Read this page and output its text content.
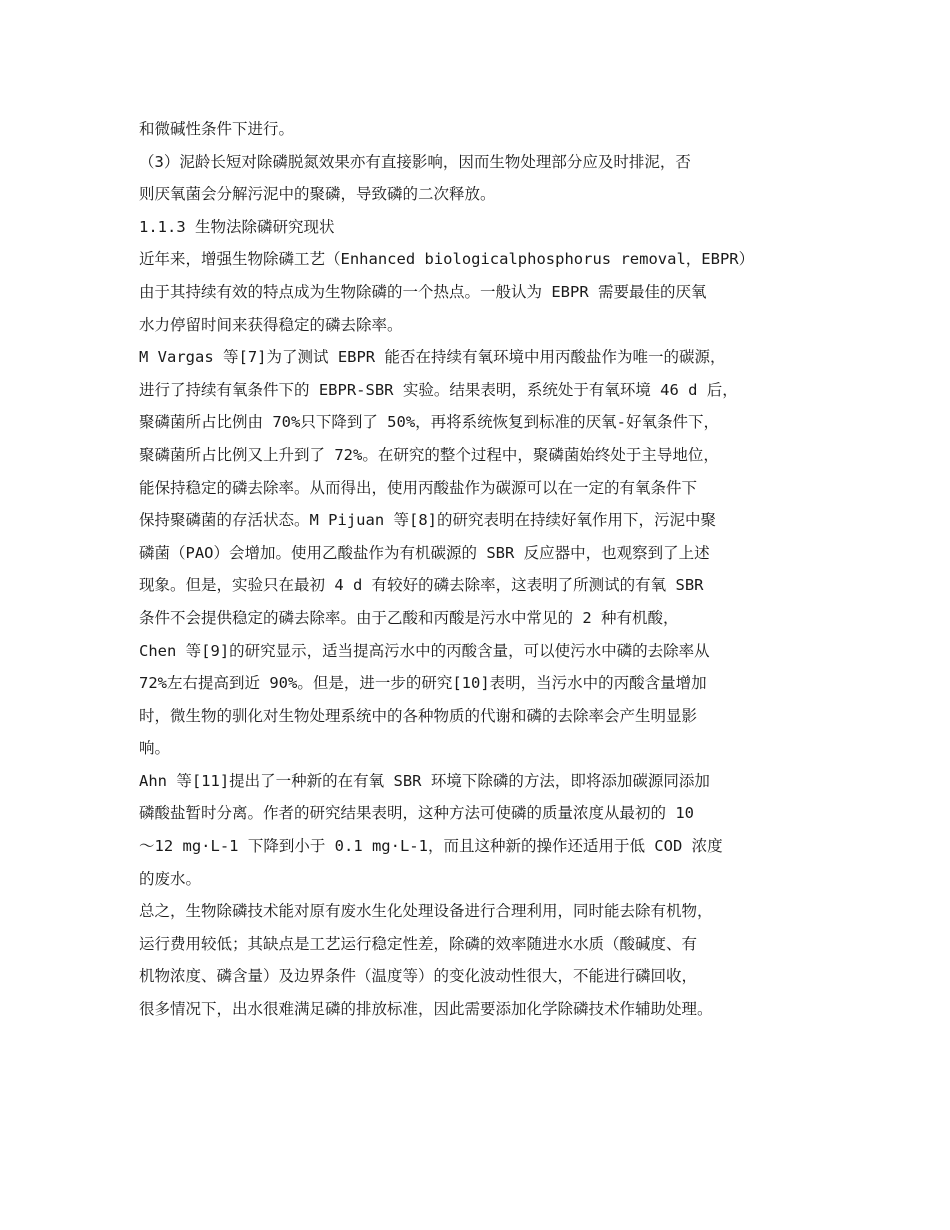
和微碱性条件下进行。
（3）泥龄长短对除磷脱氮效果亦有直接影响，因而生物处理部分应及时排泥，否
则厌氧菌会分解污泥中的聚磷，导致磷的二次释放。
1.1.3 生物法除磷研究现状
近年来，增强生物除磷工艺（Enhanced biologicalphosphorus removal，EBPR）
由于其持续有效的特点成为生物除磷的一个热点。一般认为 EBPR 需要最佳的厌氧
水力停留时间来获得稳定的磷去除率。
M Vargas 等[7]为了测试 EBPR 能否在持续有氧环境中用丙酸盐作为唯一的碳源，
进行了持续有氧条件下的 EBPR-SBR 实验。结果表明，系统处于有氧环境 46 d 后，
聚磷菌所占比例由 70%只下降到了 50%，再将系统恢复到标准的厌氧-好氧条件下，
聚磷菌所占比例又上升到了 72%。在研究的整个过程中，聚磷菌始终处于主导地位，
能保持稳定的磷去除率。从而得出，使用丙酸盐作为碳源可以在一定的有氧条件下
保持聚磷菌的存活状态。M Pijuan 等[8]的研究表明在持续好氧作用下，污泥中聚
磷菌（PAO）会增加。使用乙酸盐作为有机碳源的 SBR 反应器中，也观察到了上述
现象。但是，实验只在最初 4 d 有较好的磷去除率，这表明了所测试的有氧 SBR
条件不会提供稳定的磷去除率。由于乙酸和丙酸是污水中常见的 2 种有机酸，
Chen 等[9]的研究显示，适当提高污水中的丙酸含量，可以使污水中磷的去除率从
72%左右提高到近 90%。但是，进一步的研究[10]表明，当污水中的丙酸含量增加
时，微生物的驯化对生物处理系统中的各种物质的代谢和磷的去除率会产生明显影
响。
Ahn 等[11]提出了一种新的在有氧 SBR 环境下除磷的方法，即将添加碳源同添加
磷酸盐暂时分离。作者的研究结果表明，这种方法可使磷的质量浓度从最初的 10
～12 mg·L-1 下降到小于 0.1 mg·L-1，而且这种新的操作还适用于低 COD 浓度
的废水。
总之，生物除磷技术能对原有废水生化处理设备进行合理利用，同时能去除有机物，
运行费用较低；其缺点是工艺运行稳定性差，除磷的效率随进水水质（酸碱度、有
机物浓度、磷含量）及边界条件（温度等）的变化波动性很大，不能进行磷回收，
很多情况下，出水很难满足磷的排放标准，因此需要添加化学除磷技术作辅助处理。
